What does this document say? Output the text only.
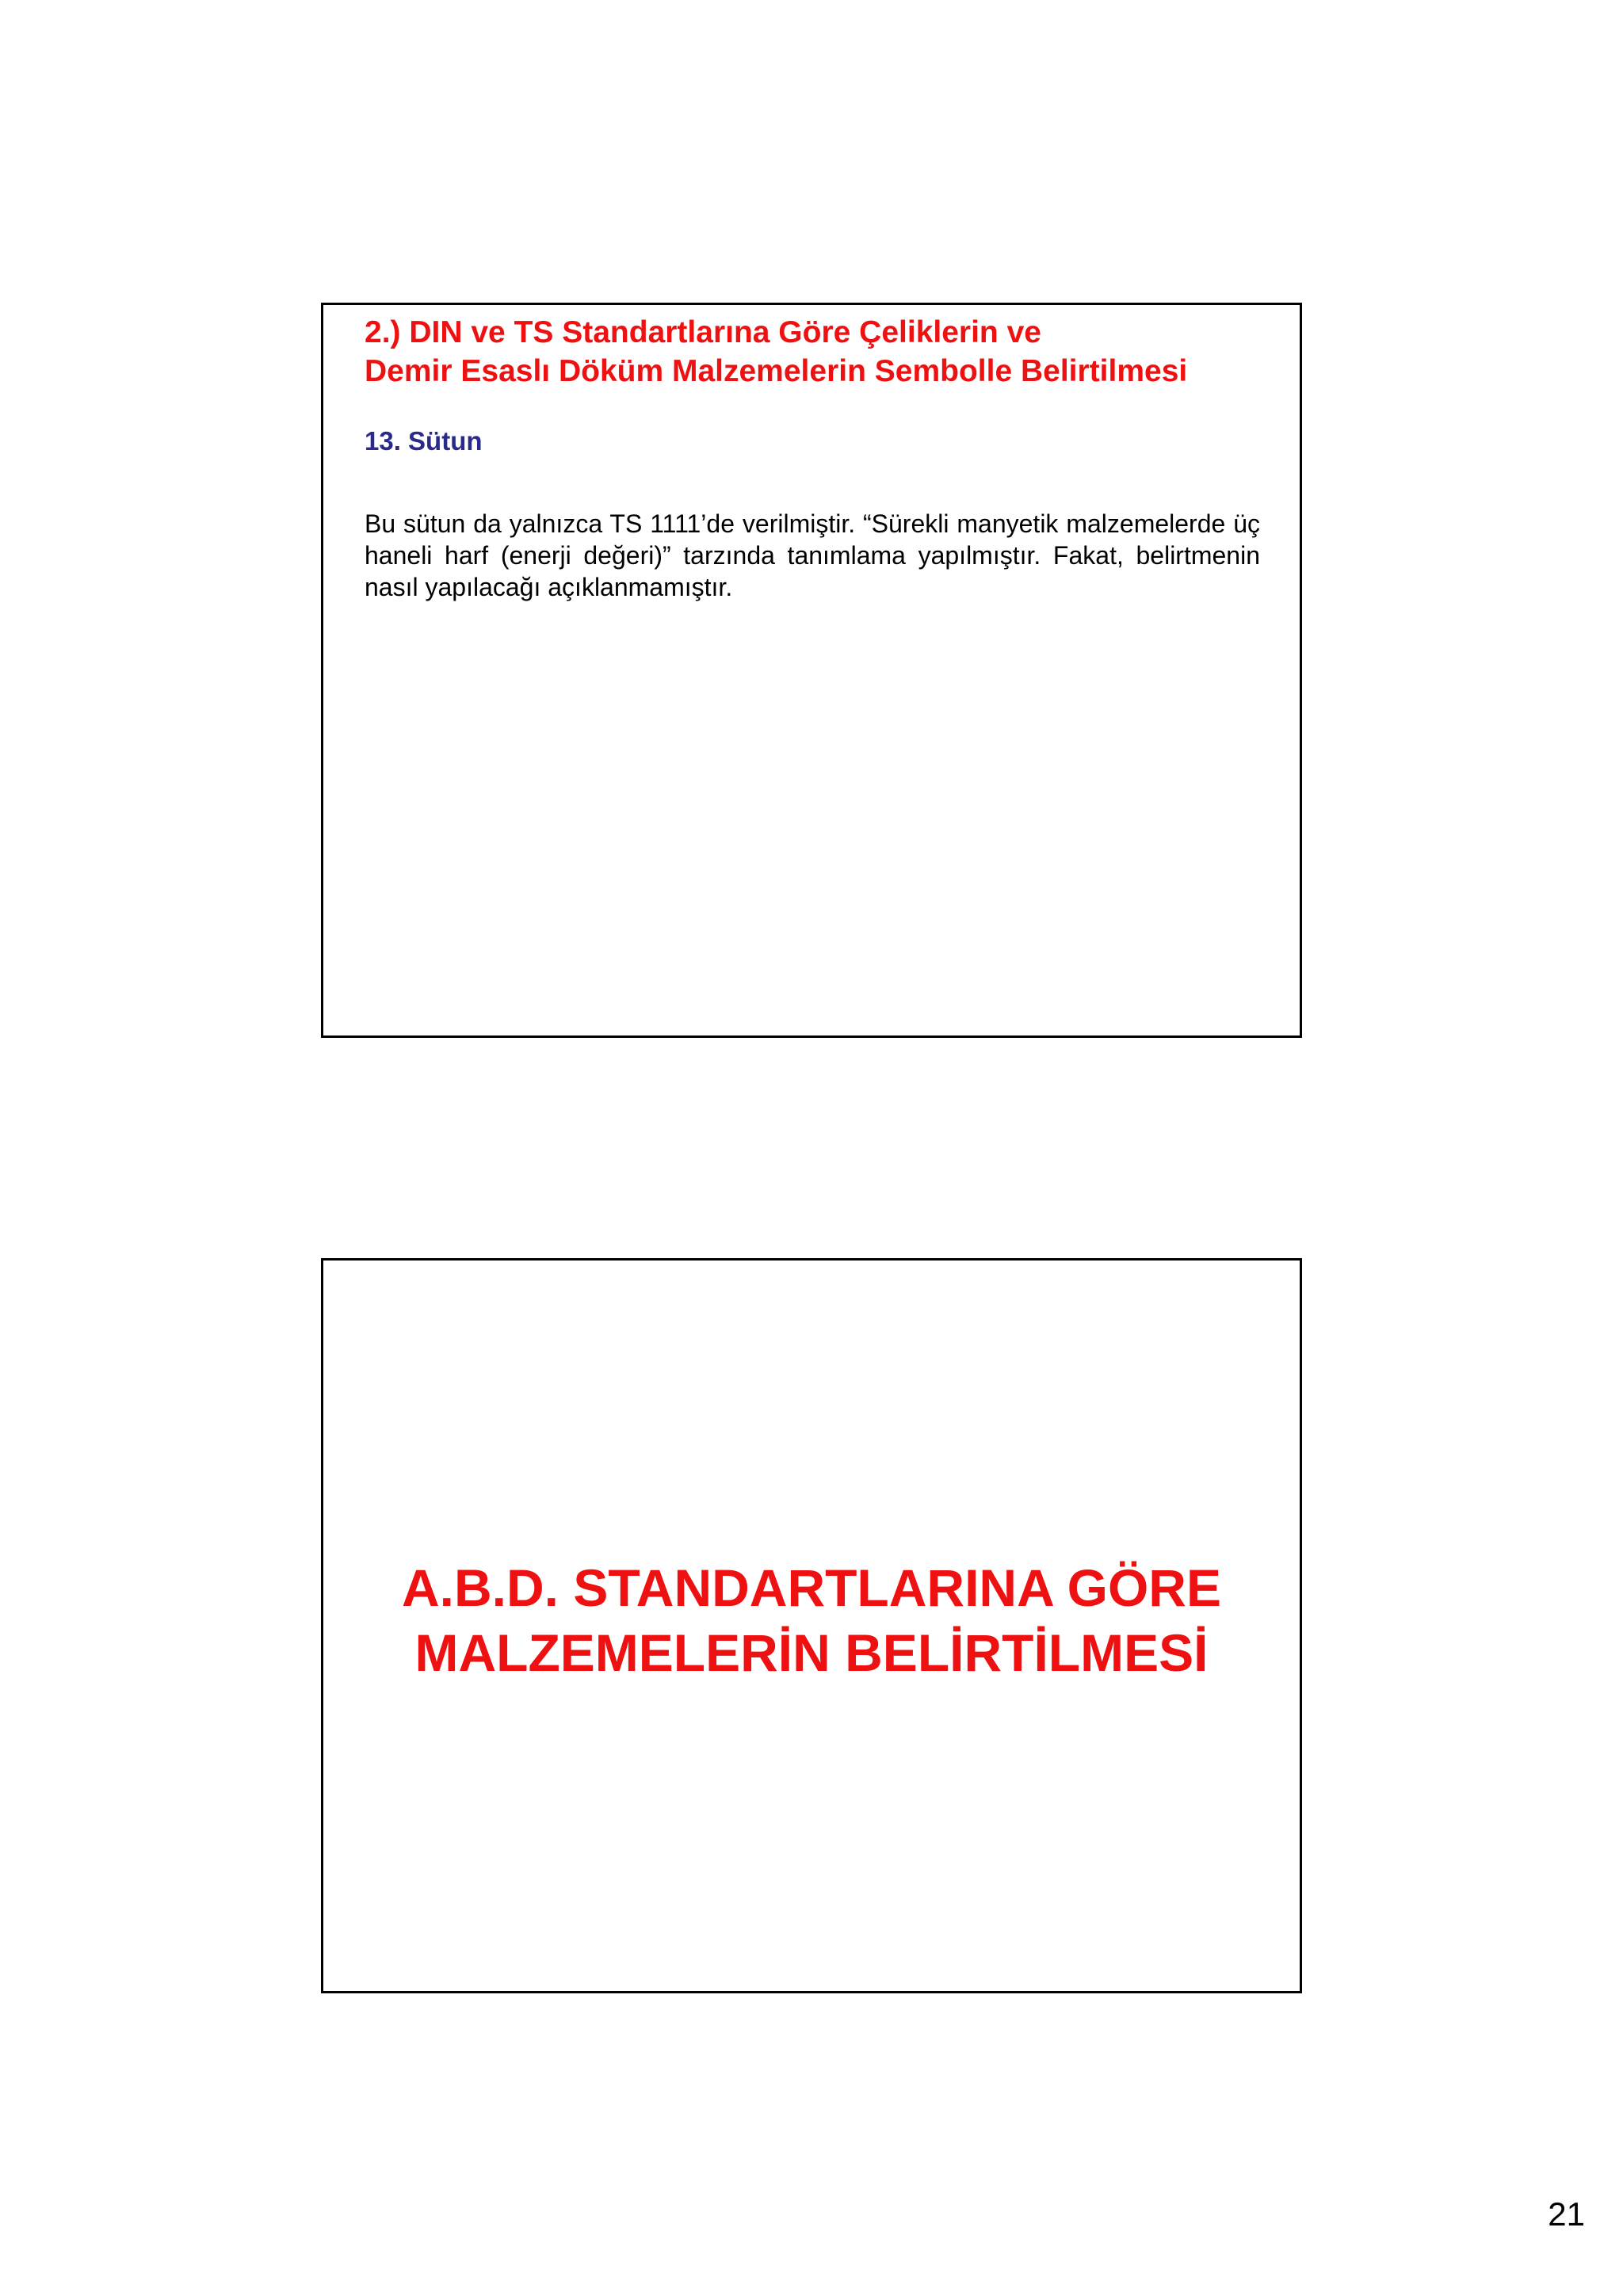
2.) DIN ve TS Standartlarına Göre Çeliklerin ve
Demir Esaslı Döküm Malzemelerin Sembolle Belirtilmesi
13. Sütun

Bu sütun da yalnızca TS 1111’de verilmiştir. “Sürekli manyetik malzemelerde üç haneli harf (enerji değeri)” tarzında tanımlama yapılmıştır. Fakat, belirtmenin nasıl yapılacağı açıklanmamıştır.

A.B.D. STANDARTLARINA GÖRE
MALZEMELERİN BELİRTİLMESİ
21
